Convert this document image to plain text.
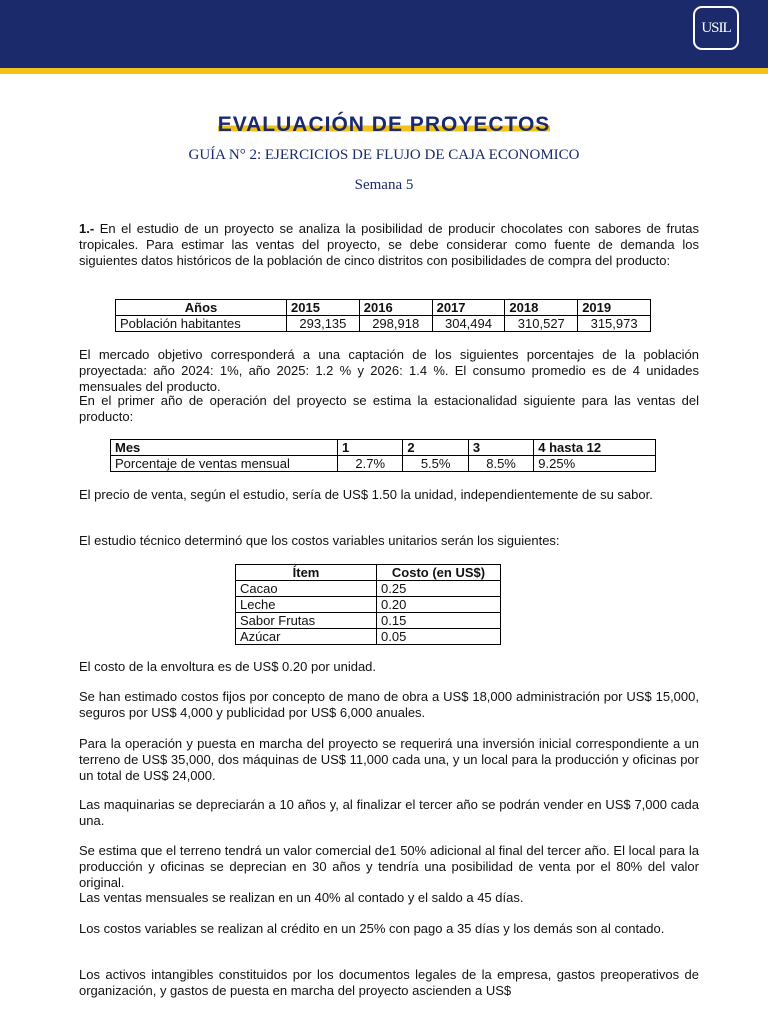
USIL
EVALUACIÓN DE PROYECTOS
GUÍA N° 2: EJERCICIOS DE FLUJO DE CAJA ECONOMICO
Semana 5

1.- En el estudio de un proyecto se analiza la posibilidad de producir chocolates con sabores de frutas tropicales. Para estimar las ventas del proyecto, se debe considerar como fuente de demanda los siguientes datos históricos de la población de cinco distritos con posibilidades de compra del producto:

Años	2015	2016	2017	2018	2019
Población habitantes	293,135	298,918	304,494	310,527	315,973

El mercado objetivo corresponderá a una captación de los siguientes porcentajes de la población proyectada: año 2024: 1%, año 2025: 1.2 % y 2026: 1.4 %. El consumo promedio es de 4 unidades mensuales del producto.

En el primer año de operación del proyecto se estima la estacionalidad siguiente para las ventas del producto:

Mes	1	2	3	4 hasta 12
Porcentaje de ventas mensual	2.7%	5.5%	8.5%	9.25%

El precio de venta, según el estudio, sería de US$ 1.50 la unidad, independientemente de su sabor.

El estudio técnico determinó que los costos variables unitarios serán los siguientes:

Ítem	Costo (en US$)
Cacao	0.25
Leche	0.20
Sabor Frutas	0.15
Azúcar	0.05

El costo de la envoltura es de US$ 0.20 por unidad.

Se han estimado costos fijos por concepto de mano de obra a US$ 18,000 administración por US$ 15,000, seguros por US$ 4,000 y publicidad por US$ 6,000 anuales.

Para la operación y puesta en marcha del proyecto se requerirá una inversión inicial correspondiente a un terreno de US$ 35,000, dos máquinas de US$ 11,000 cada una, y un local para la producción y oficinas por un total de US$ 24,000.

Las maquinarias se depreciarán a 10 años y, al finalizar el tercer año se podrán vender en US$ 7,000 cada una.

Se estima que el terreno tendrá un valor comercial de1 50% adicional al final del tercer año. El local para la producción y oficinas se deprecian en 30 años y tendría una posibilidad de venta por el 80% del valor original.

Las ventas mensuales se realizan en un 40% al contado y el saldo a 45 días.

Los costos variables se realizan al crédito en un 25% con pago a 35 días y los demás son al contado.

Los activos intangibles constituidos por los documentos legales de la empresa, gastos preoperativos de organización, y gastos de puesta en marcha del proyecto ascienden a US$
